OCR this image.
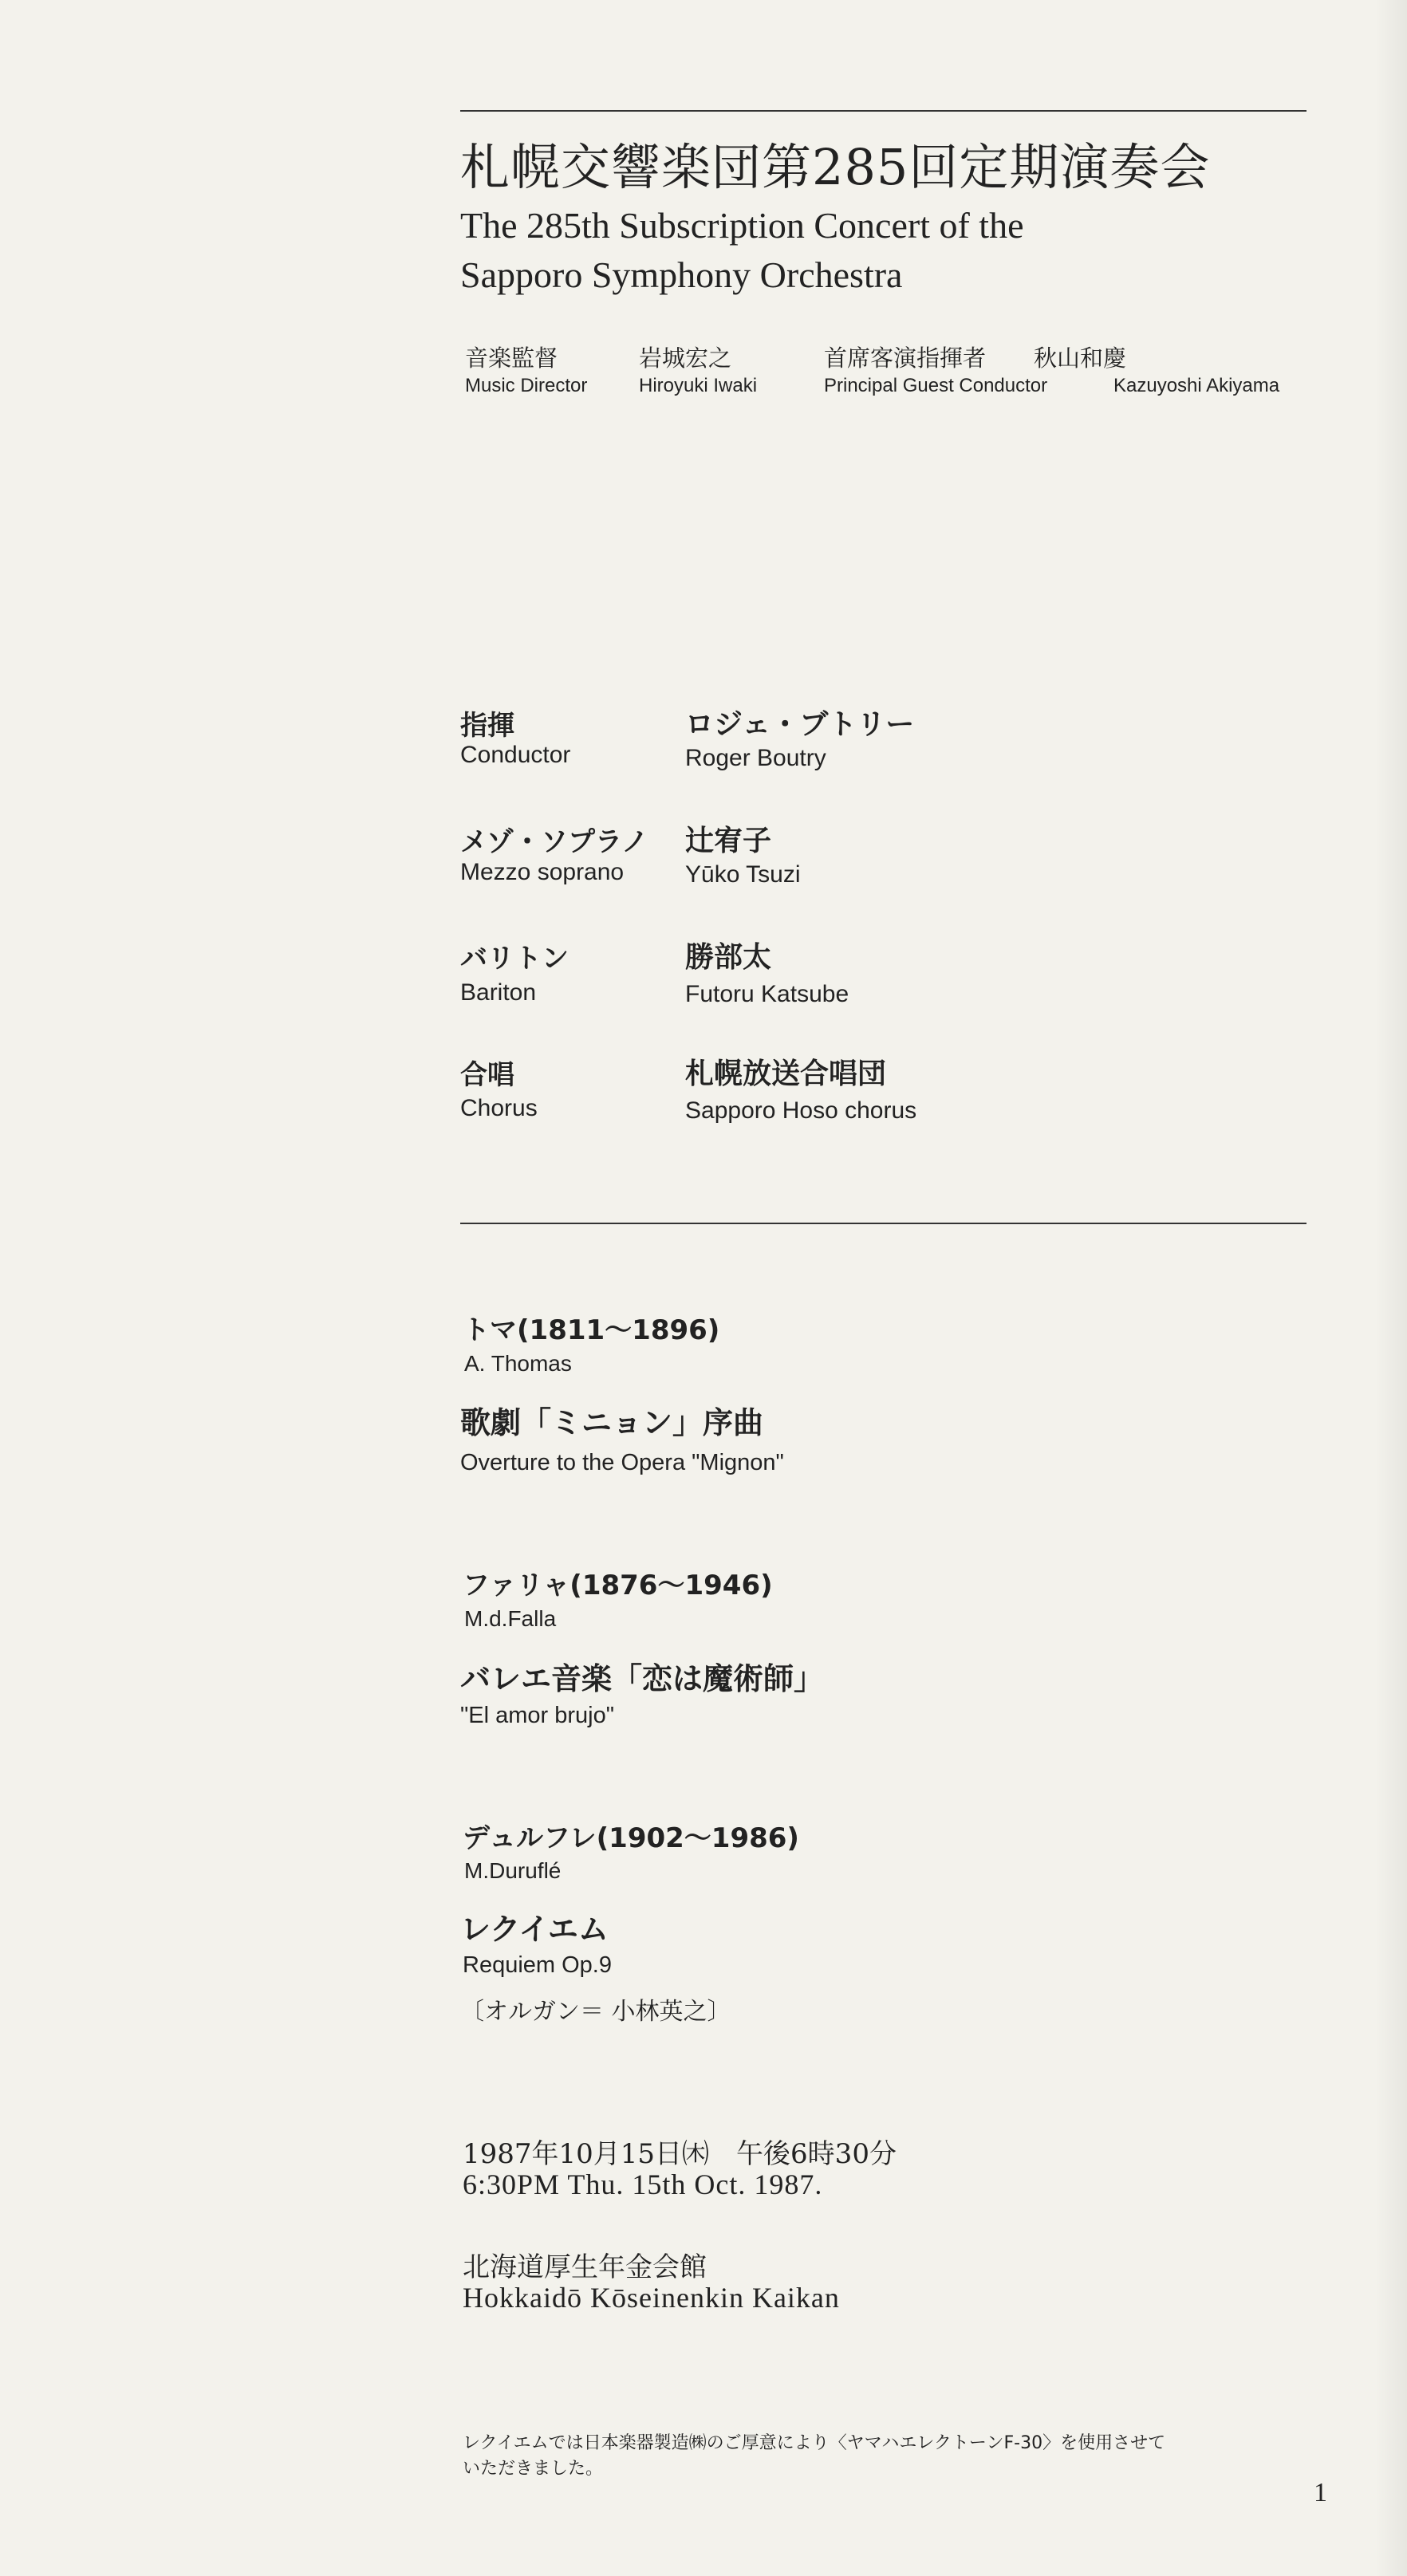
札幌交響楽団第285回定期演奏会
The 285th Subscription Concert of the
Sapporo Symphony Orchestra
音楽監督
Music Director
岩城宏之
Hiroyuki Iwaki
首席客演指揮者
Principal Guest Conductor
秋山和慶
Kazuyoshi Akiyama
指揮
Conductor
ロジェ・ブトリー
Roger Boutry
メゾ・ソプラノ
Mezzo soprano
辻宥子
Yūko Tsuzi
バリトン
Bariton
勝部太
Futoru Katsube
合唱
Chorus
札幌放送合唱団
Sapporo Hoso chorus
トマ(1811〜1896)
A. Thomas
歌劇「ミニョン」序曲
Overture to the Opera "Mignon"
ファリャ(1876〜1946)
M.d.Falla
バレエ音楽「恋は魔術師」
"El amor brujo"
デュルフレ(1902〜1986)
M.Duruflé
レクイエム
Requiem Op.9
〔オルガン＝ 小林英之〕
1987年10月15日㈭　午後6時30分
6:30PM Thu. 15th Oct. 1987.
北海道厚生年金会館
Hokkaidō Kōseinenkin Kaikan
レクイエムでは日本楽器製造㈱のご厚意により〈ヤマハエレクトーンF-30〉を使用させて
いただきました。
1
